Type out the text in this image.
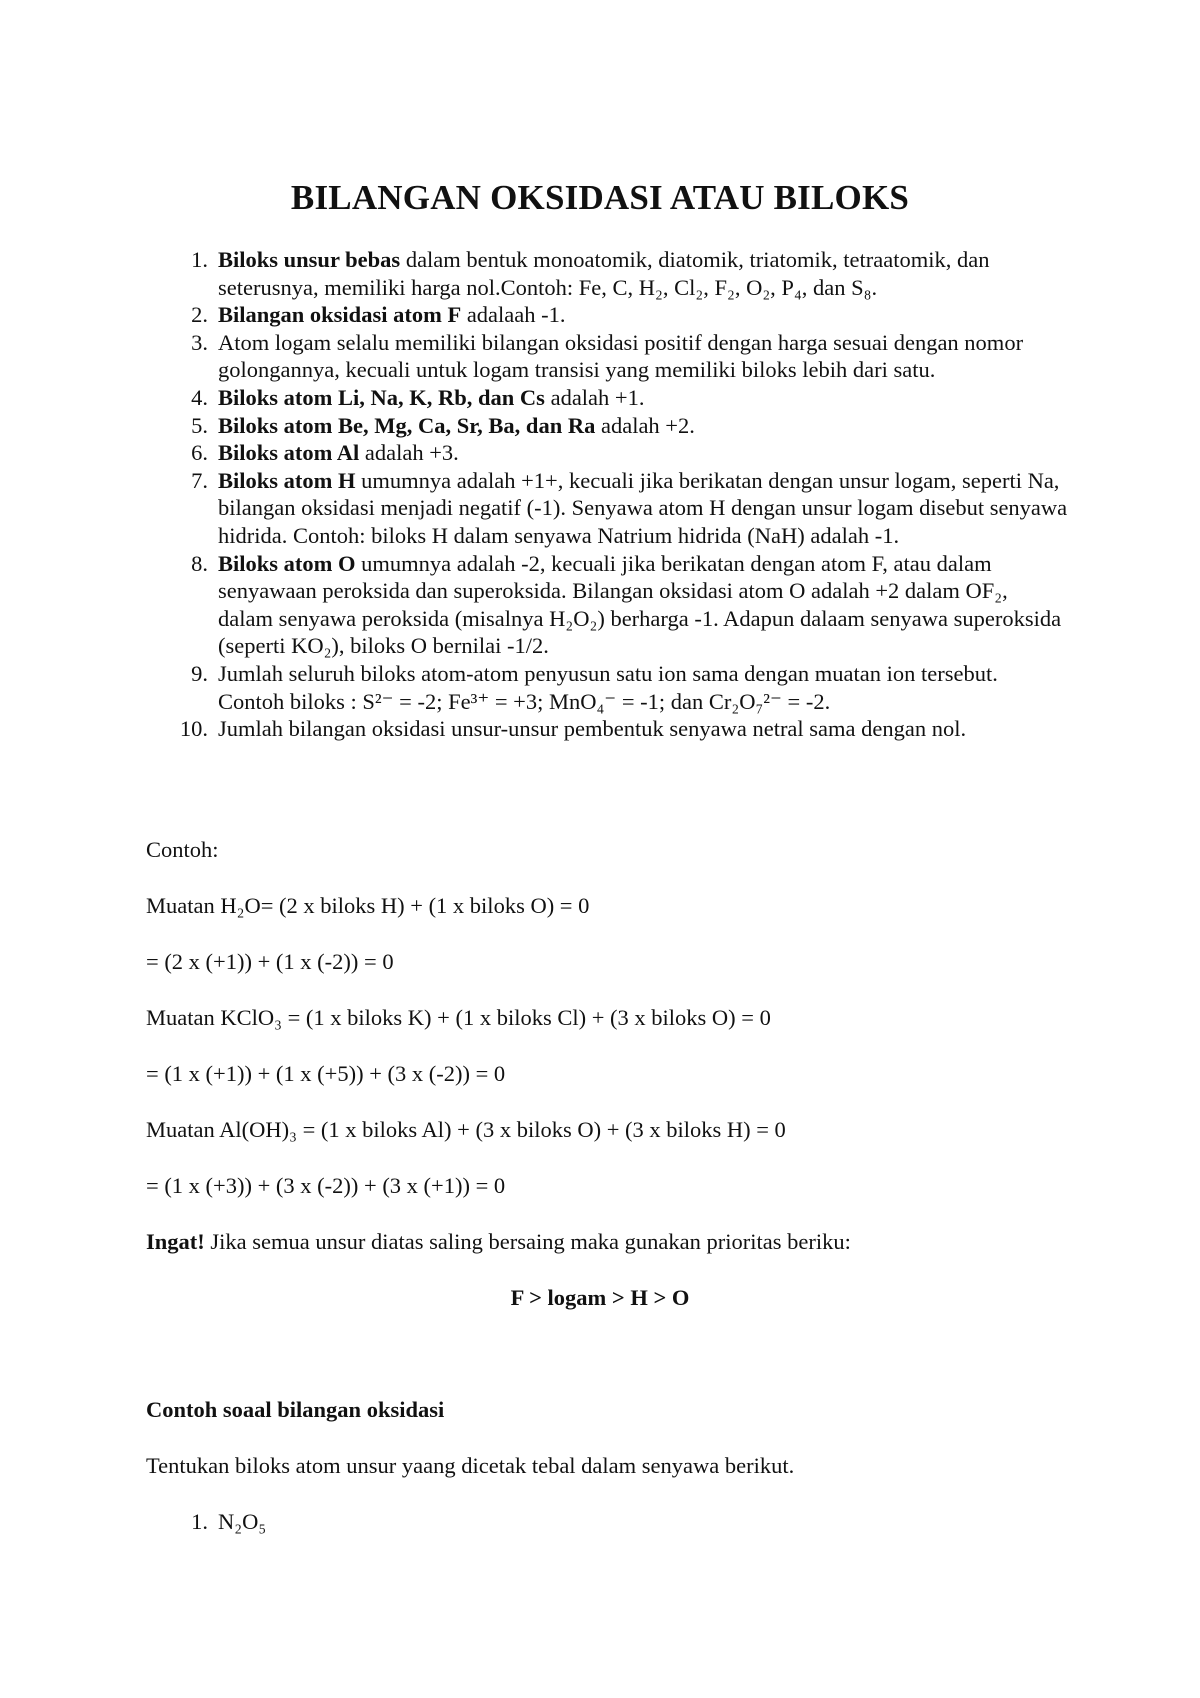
BILANGAN OKSIDASI ATAU BILOKS
1. Biloks unsur bebas dalam bentuk monoatomik, diatomik, triatomik, tetraatomik, dan seterusnya, memiliki harga nol.Contoh: Fe, C, H₂, Cl₂, F₂, O₂, P₄, dan S₈.
2. Bilangan oksidasi atom F adalaah -1.
3. Atom logam selalu memiliki bilangan oksidasi positif dengan harga sesuai dengan nomor golongannya, kecuali untuk logam transisi yang memiliki biloks lebih dari satu.
4. Biloks atom Li, Na, K, Rb, dan Cs adalah +1.
5. Biloks atom Be, Mg, Ca, Sr, Ba, dan Ra adalah +2.
6. Biloks atom Al adalah +3.
7. Biloks atom H umumnya adalah +1+, kecuali jika berikatan dengan unsur logam, seperti Na, bilangan oksidasi menjadi negatif (-1). Senyawa atom H dengan unsur logam disebut senyawa hidrida. Contoh: biloks H dalam senyawa Natrium hidrida (NaH) adalah -1.
8. Biloks atom O umumnya adalah -2, kecuali jika berikatan dengan atom F, atau dalam senyawaan peroksida dan superoksida. Bilangan oksidasi atom O adalah +2 dalam OF₂, dalam senyawa peroksida (misalnya H₂O₂) berharga -1. Adapun dalaam senyawa superoksida (seperti KO₂), biloks O bernilai -1/2.
9. Jumlah seluruh biloks atom-atom penyusun satu ion sama dengan muatan ion tersebut. Contoh biloks : S²⁻ = -2; Fe³⁺ = +3; MnO₄⁻ = -1; dan Cr₂O₇²⁻ = -2.
10. Jumlah bilangan oksidasi unsur-unsur pembentuk senyawa netral sama dengan nol.

Contoh:

Muatan H₂O= (2 x biloks H) + (1 x biloks O) = 0

= (2 x (+1)) + (1 x (-2)) = 0

Muatan KClO₃ = (1 x biloks K) + (1 x biloks Cl) + (3 x biloks O) = 0

= (1 x (+1)) + (1 x (+5)) + (3 x (-2)) = 0

Muatan Al(OH)₃ = (1 x biloks Al) + (3 x biloks O) + (3 x biloks H) = 0

= (1 x (+3)) + (3 x (-2)) + (3 x (+1)) = 0

Ingat! Jika semua unsur diatas saling bersaing maka gunakan prioritas beriku:

F > logam > H > O

Contoh soaal bilangan oksidasi

Tentukan biloks atom unsur yaang dicetak tebal dalam senyawa berikut.

1. N₂O₅
